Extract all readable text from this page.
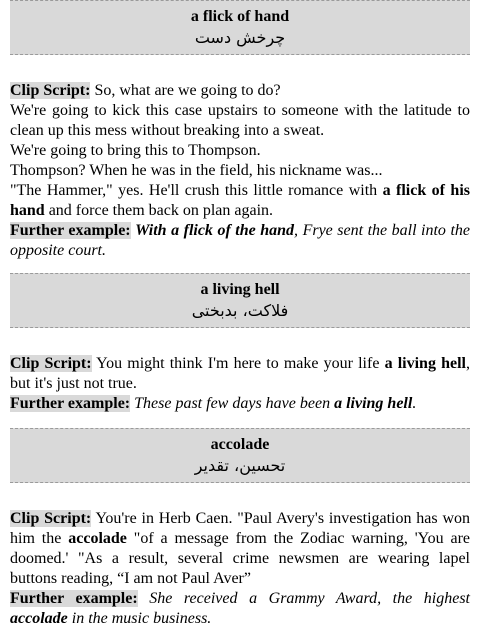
a flick of hand
چرخش دست
Clip Script: So, what are we going to do?
We're going to kick this case upstairs to someone with the latitude to clean up this mess without breaking into a sweat.
We're going to bring this to Thompson.
Thompson? When he was in the field, his nickname was...
"The Hammer," yes. He'll crush this little romance with a flick of his hand and force them back on plan again.
Further example: With a flick of the hand, Frye sent the ball into the opposite court.
a living hell
فلاکت، بدبختی
Clip Script: You might think I'm here to make your life a living hell, but it's just not true.
Further example: These past few days have been a living hell.
accolade
تحسین، تقدیر
Clip Script: You're in Herb Caen. "Paul Avery's investigation has won him the accolade "of a message from the Zodiac warning, 'You are doomed.' "As a result, several crime newsmen are wearing lapel buttons reading, “I am not Paul Aver”
Further example: She received a Grammy Award, the highest accolade in the music business.
